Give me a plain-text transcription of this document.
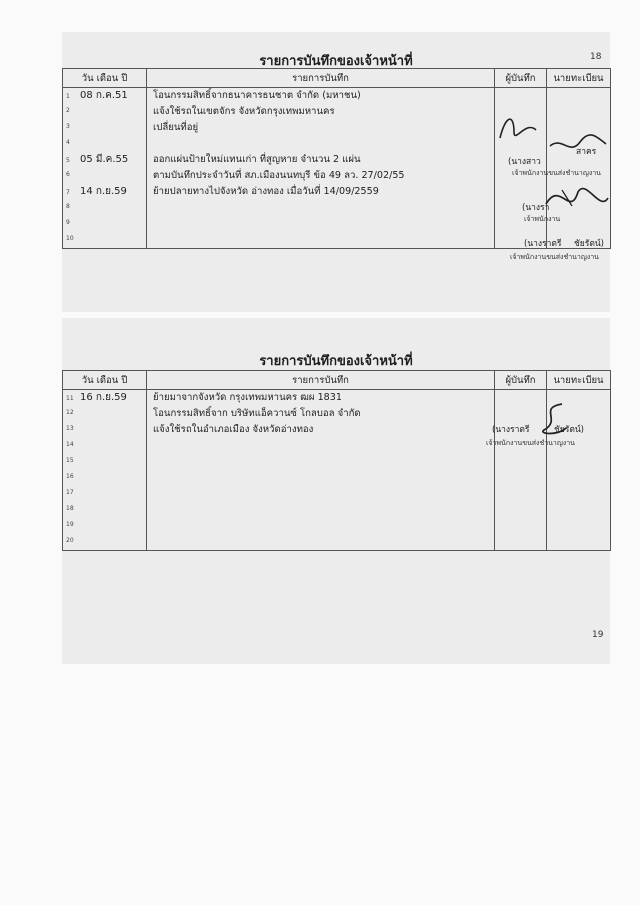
รายการบันทึกของเจ้าหน้าที่	18
วัน เดือน ปี	รายการบันทึก	ผู้บันทึก	นายทะเบียน
1 08 ก.ค.51	โอนกรรมสิทธิ์จากธนาคารธนชาต จำกัด (มหาชน)		
2	แจ้งใช้รถในเขตจักร จังหวัดกรุงเทพมหานคร		
3	เปลี่ยนที่อยู่		
4			
5 05 มี.ค.55	ออกแผ่นป้ายใหม่แทนเก่า ที่สูญหาย จำนวน 2 แผ่น		
6	ตามบันทึกประจำวันที่ สภ.เมืองนนทบุรี ข้อ 49 ลว. 27/02/55		
7 14 ก.ย.59	ย้ายปลายทางไปจังหวัด อ่างทอง เมื่อวันที่ 14/09/2559		
8			
9			
10			
(นางสาว
สาคร
เจ้าพนักงานขนส่งชำนาญงาน
(นางรา
เจ้าพนักงาน
(นางราตรี ชัยรัตน์)
เจ้าพนักงานขนส่งชำนาญงาน
รายการบันทึกของเจ้าหน้าที่
วัน เดือน ปี	รายการบันทึก	ผู้บันทึก	นายทะเบียน
11 16 ก.ย.59	ย้ายมาจากจังหวัด กรุงเทพมหานคร ฒผ 1831		
12	โอนกรรมสิทธิ์จาก บริษัทแอ็ควานซ์ โกลบอล จำกัด		
13	แจ้งใช้รถในอำเภอเมือง จังหวัดอ่างทอง		
14			
15			
16			
17			
18			
19			
20			
(นางราตรี	ชัยรัตน์)
เจ้าพนักงานขนส่งชำนาญงาน
19
